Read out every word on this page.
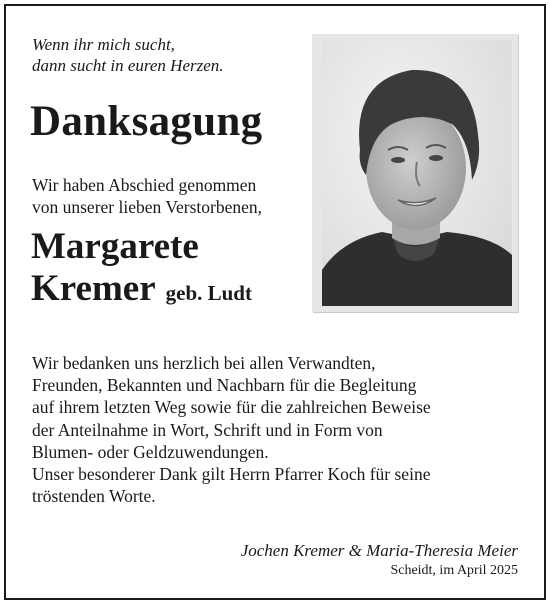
Wenn ihr mich sucht,
dann sucht in euren Herzen.

Danksagung

Wir haben Abschied genommen
von unserer lieben Verstorbenen,

Margarete
Kremer geb. Ludt

Wir bedanken uns herzlich bei allen Verwandten,
Freunden, Bekannten und Nachbarn für die Begleitung
auf ihrem letzten Weg sowie für die zahlreichen Beweise
der Anteilnahme in Wort, Schrift und in Form von
Blumen- oder Geldzuwendungen.
Unser besonderer Dank gilt Herrn Pfarrer Koch für seine
tröstenden Worte.

Jochen Kremer & Maria-Theresia Meier

Scheidt, im April 2025
